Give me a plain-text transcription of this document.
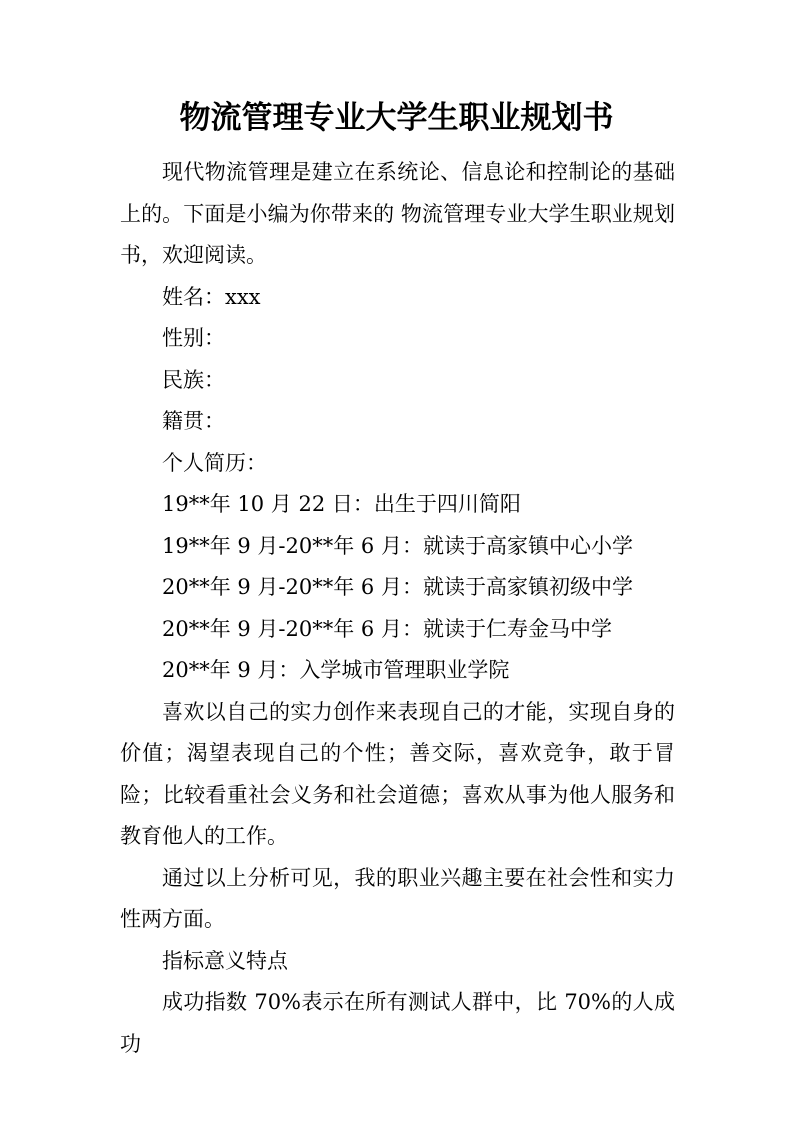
物流管理专业大学生职业规划书

现代物流管理是建立在系统论、信息论和控制论的基础上的。下面是小编为你带来的 物流管理专业大学生职业规划书，欢迎阅读。

姓名：xxx
性别：
民族：
籍贯：
个人简历：
19**年 10 月 22 日：出生于四川简阳
19**年 9 月-20**年 6 月：就读于高家镇中心小学
20**年 9 月-20**年 6 月：就读于高家镇初级中学
20**年 9 月-20**年 6 月：就读于仁寿金马中学
20**年 9 月：入学城市管理职业学院

喜欢以自己的实力创作来表现自己的才能，实现自身的价值；渴望表现自己的个性；善交际，喜欢竞争，敢于冒险；比较看重社会义务和社会道德；喜欢从事为他人服务和教育他人的工作。

通过以上分析可见，我的职业兴趣主要在社会性和实力性两方面。

指标意义特点

成功指数 70%表示在所有测试人群中，比 70%的人成功
